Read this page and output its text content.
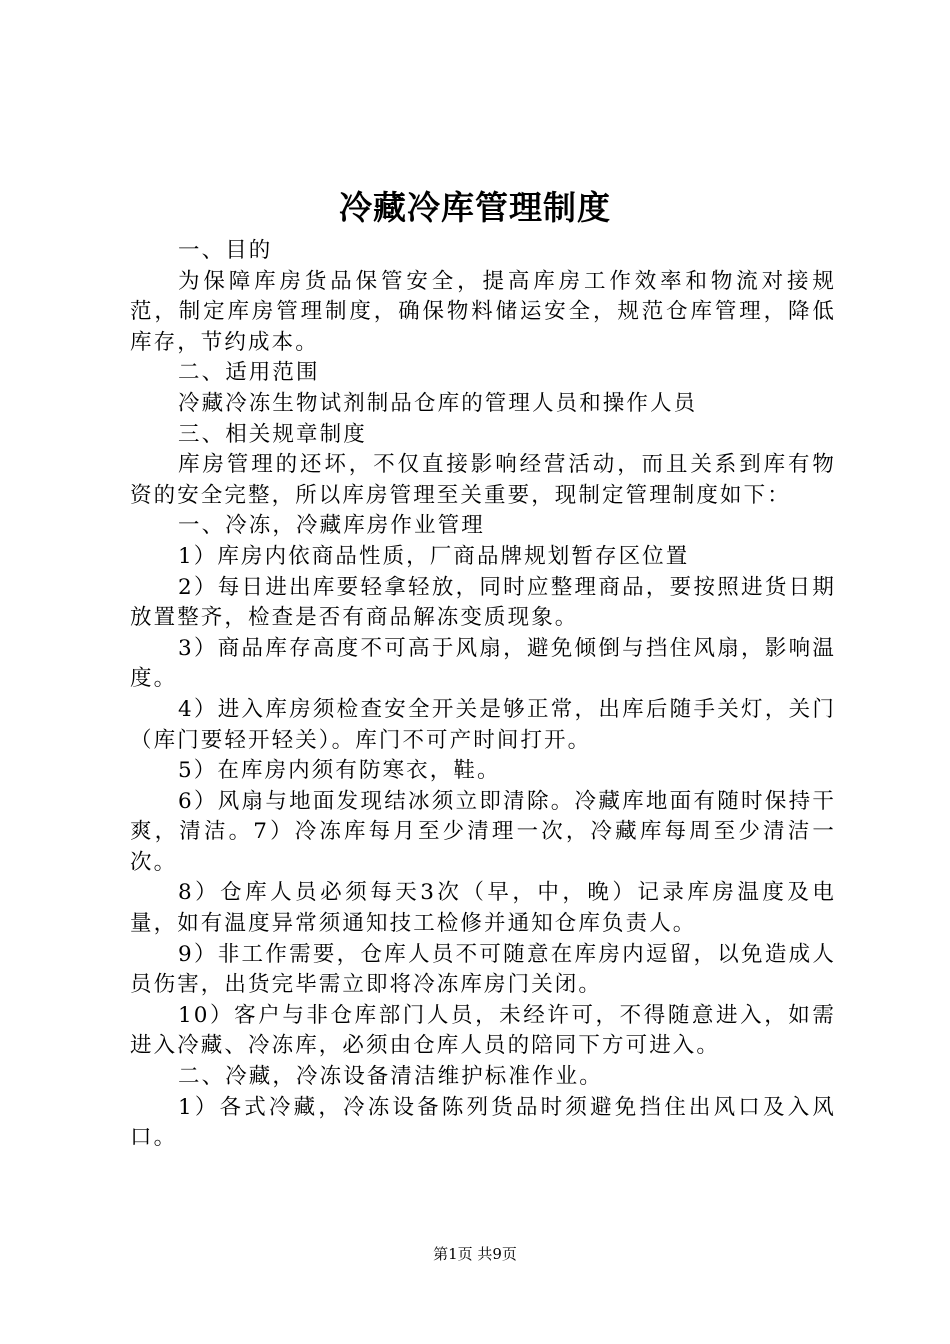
冷藏冷库管理制度

一、目的

为保障库房货品保管安全，提高库房工作效率和物流对接规范，制定库房管理制度，确保物料储运安全，规范仓库管理，降低库存，节约成本。

二、适用范围

冷藏冷冻生物试剂制品仓库的管理人员和操作人员

三、相关规章制度

库房管理的还坏，不仅直接影响经营活动，而且关系到库有物资的安全完整，所以库房管理至关重要，现制定管理制度如下：

一、冷冻，冷藏库房作业管理

1）库房内依商品性质，厂商品牌规划暂存区位置

2）每日进出库要轻拿轻放，同时应整理商品，要按照进货日期放置整齐，检查是否有商品解冻变质现象。

3）商品库存高度不可高于风扇，避免倾倒与挡住风扇，影响温度。

4）进入库房须检查安全开关是够正常，出库后随手关灯，关门（库门要轻开轻关）。库门不可产时间打开。

5）在库房内须有防寒衣，鞋。

6）风扇与地面发现结冰须立即清除。冷藏库地面有随时保持干爽，清洁。7）冷冻库每月至少清理一次，冷藏库每周至少清洁一次。

8）仓库人员必须每天3次（早，中，晚）记录库房温度及电量，如有温度异常须通知技工检修并通知仓库负责人。

9）非工作需要，仓库人员不可随意在库房内逗留，以免造成人员伤害，出货完毕需立即将冷冻库房门关闭。

10）客户与非仓库部门人员，未经许可，不得随意进入，如需进入冷藏、冷冻库，必须由仓库人员的陪同下方可进入。

二、冷藏，冷冻设备清洁维护标准作业。

1）各式冷藏，冷冻设备陈列货品时须避免挡住出风口及入风口。

第1页 共9页
